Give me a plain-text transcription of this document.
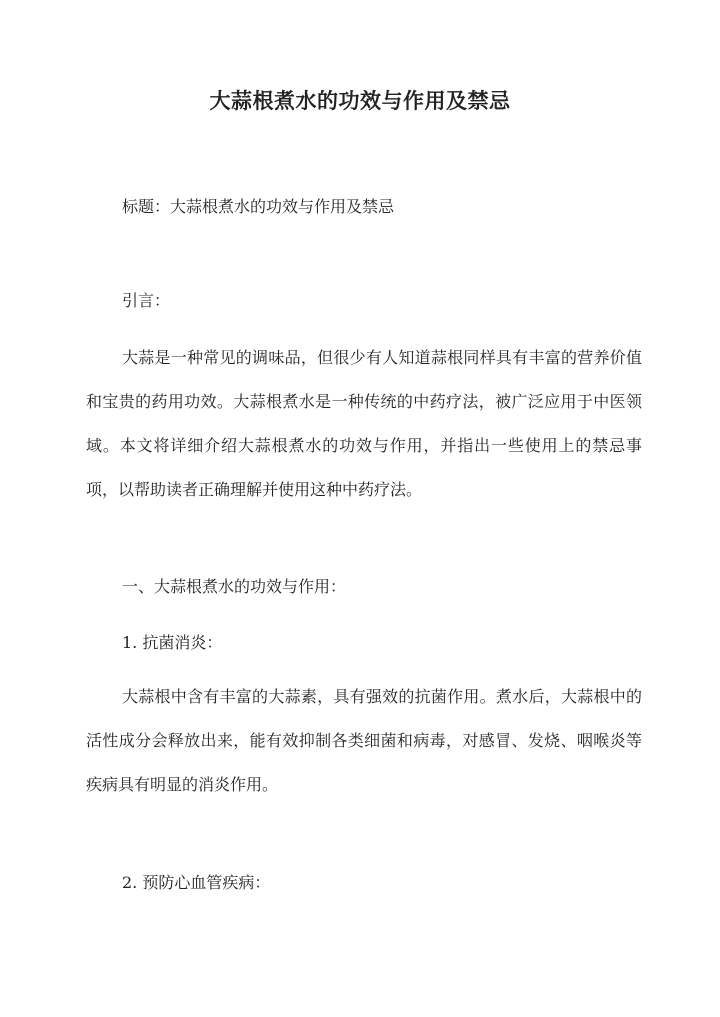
大蒜根煮水的功效与作用及禁忌
标题：大蒜根煮水的功效与作用及禁忌
引言：

大蒜是一种常见的调味品，但很少有人知道蒜根同样具有丰富的营养价值和宝贵的药用功效。大蒜根煮水是一种传统的中药疗法，被广泛应用于中医领域。本文将详细介绍大蒜根煮水的功效与作用，并指出一些使用上的禁忌事项，以帮助读者正确理解并使用这种中药疗法。

一、大蒜根煮水的功效与作用：
1. 抗菌消炎：

大蒜根中含有丰富的大蒜素，具有强效的抗菌作用。煮水后，大蒜根中的活性成分会释放出来，能有效抑制各类细菌和病毒，对感冒、发烧、咽喉炎等疾病具有明显的消炎作用。

2. 预防心血管疾病：
